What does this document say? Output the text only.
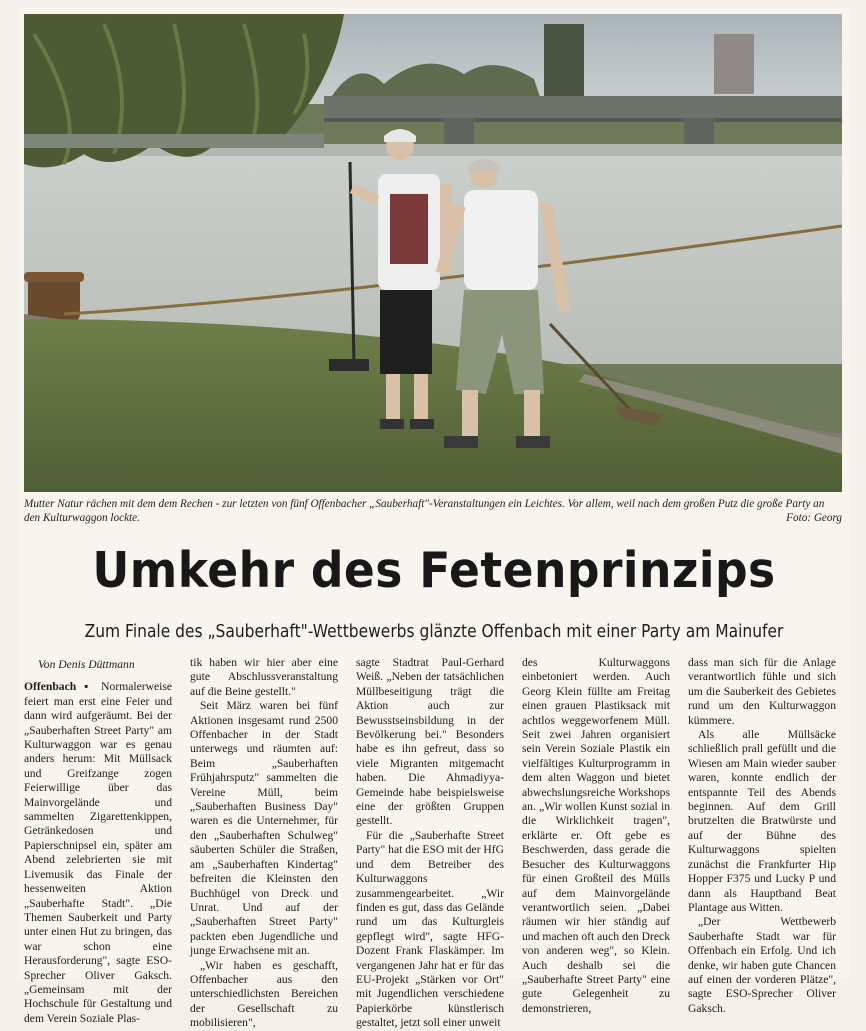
Mutter Natur rächen mit dem dem Rechen - zur letzten von fünf Offenbacher „Sauberhaft"-Veranstaltungen ein Leichtes. Vor allem, weil nach dem großen Putz die große Party an den Kulturwaggon lockte.	Foto: Georg
Umkehr des Fetenprinzips
Zum Finale des „Sauberhaft"-Wettbewerbs glänzte Offenbach mit einer Party am Mainufer

Von Denis Düttmann

Offenbach ▪ Normalerweise feiert man erst eine Feier und dann wird aufgeräumt. Bei der „Sauberhaften Street Party" am Kulturwaggon war es genau anders herum: Mit Müllsack und Greifzange zogen Feierwillige über das Mainvorgelände und sammelten Zigarettenkippen, Getränkedosen und Papierschnipsel ein, später am Abend zelebrierten sie mit Livemusik das Finale der hessenweiten Aktion „Sauberhafte Stadt". „Die Themen Sauberkeit und Party unter einen Hut zu bringen, das war schon eine Herausforderung", sagte ESO-Sprecher Oliver Gaksch. „Gemeinsam mit der Hochschule für Gestaltung und dem Verein Soziale Plas-

tik haben wir hier aber eine gute Abschlussveranstaltung auf die Beine gestellt."

Seit März waren bei fünf Aktionen insgesamt rund 2500 Offenbacher in der Stadt unterwegs und räumten auf: Beim „Sauberhaften Frühjahrsputz" sammelten die Vereine Müll, beim „Sauberhaften Business Day" waren es die Unternehmer, für den „Sauberhaften Schulweg" säuberten Schüler die Straßen, am „Sauberhaften Kindertag" befreiten die Kleinsten den Buchhügel von Dreck und Unrat. Und auf der „Sauberhaften Street Party" packten eben Jugendliche und junge Erwachsene mit an.

„Wir haben es geschafft, Offenbacher aus den unterschiedlichsten Bereichen der Gesellschaft zu mobilisieren",

sagte Stadtrat Paul-Gerhard Weiß. „Neben der tatsächlichen Müllbeseitigung trägt die Aktion auch zur Bewusstseinsbildung in der Bevölkerung bei." Besonders habe es ihn gefreut, dass so viele Migranten mitgemacht haben. Die Ahmadiyya-Gemeinde habe beispielsweise eine der größten Gruppen gestellt.

Für die „Sauberhafte Street Party" hat die ESO mit der HfG und dem Betreiber des Kulturwaggons zusammengearbeitet. „Wir finden es gut, dass das Gelände rund um das Kulturgleis gepflegt wird", sagte HFG-Dozent Frank Flaskämper. Im vergangenen Jahr hat er für das EU-Projekt „Stärken vor Ort" mit Jugendlichen verschiedene Papierkörbe künstlerisch gestaltet, jetzt soll einer unweit

des Kulturwaggons einbetoniert werden. Auch Georg Klein füllte am Freitag einen grauen Plastiksack mit achtlos weggeworfenem Müll. Seit zwei Jahren organisiert sein Verein Soziale Plastik ein vielfältiges Kulturprogramm in dem alten Waggon und bietet abwechslungsreiche Workshops an. „Wir wollen Kunst sozial in die Wirklichkeit tragen", erklärte er. Oft gebe es Beschwerden, dass gerade die Besucher des Kulturwaggons für einen Großteil des Mülls auf dem Mainvorgelände verantwortlich seien. „Dabei räumen wir hier ständig auf und machen oft auch den Dreck von anderen weg", so Klein. Auch deshalb sei die „Sauberhafte Street Party" eine gute Gelegenheit zu demonstrieren,

dass man sich für die Anlage verantwortlich fühle und sich um die Sauberkeit des Gebietes rund um den Kulturwaggon kümmere.

Als alle Müllsäcke schließlich prall gefüllt und die Wiesen am Main wieder sauber waren, konnte endlich der entspannte Teil des Abends beginnen. Auf dem Grill brutzelten die Bratwürste und auf der Bühne des Kulturwaggons spielten zunächst die Frankfurter Hip Hopper F375 und Lucky P und dann als Hauptband Beat Plantage aus Witten.

„Der Wettbewerb Sauberhafte Stadt war für Offenbach ein Erfolg. Und ich denke, wir haben gute Chancen auf einen der vorderen Plätze", sagte ESO-Sprecher Oliver Gaksch.
